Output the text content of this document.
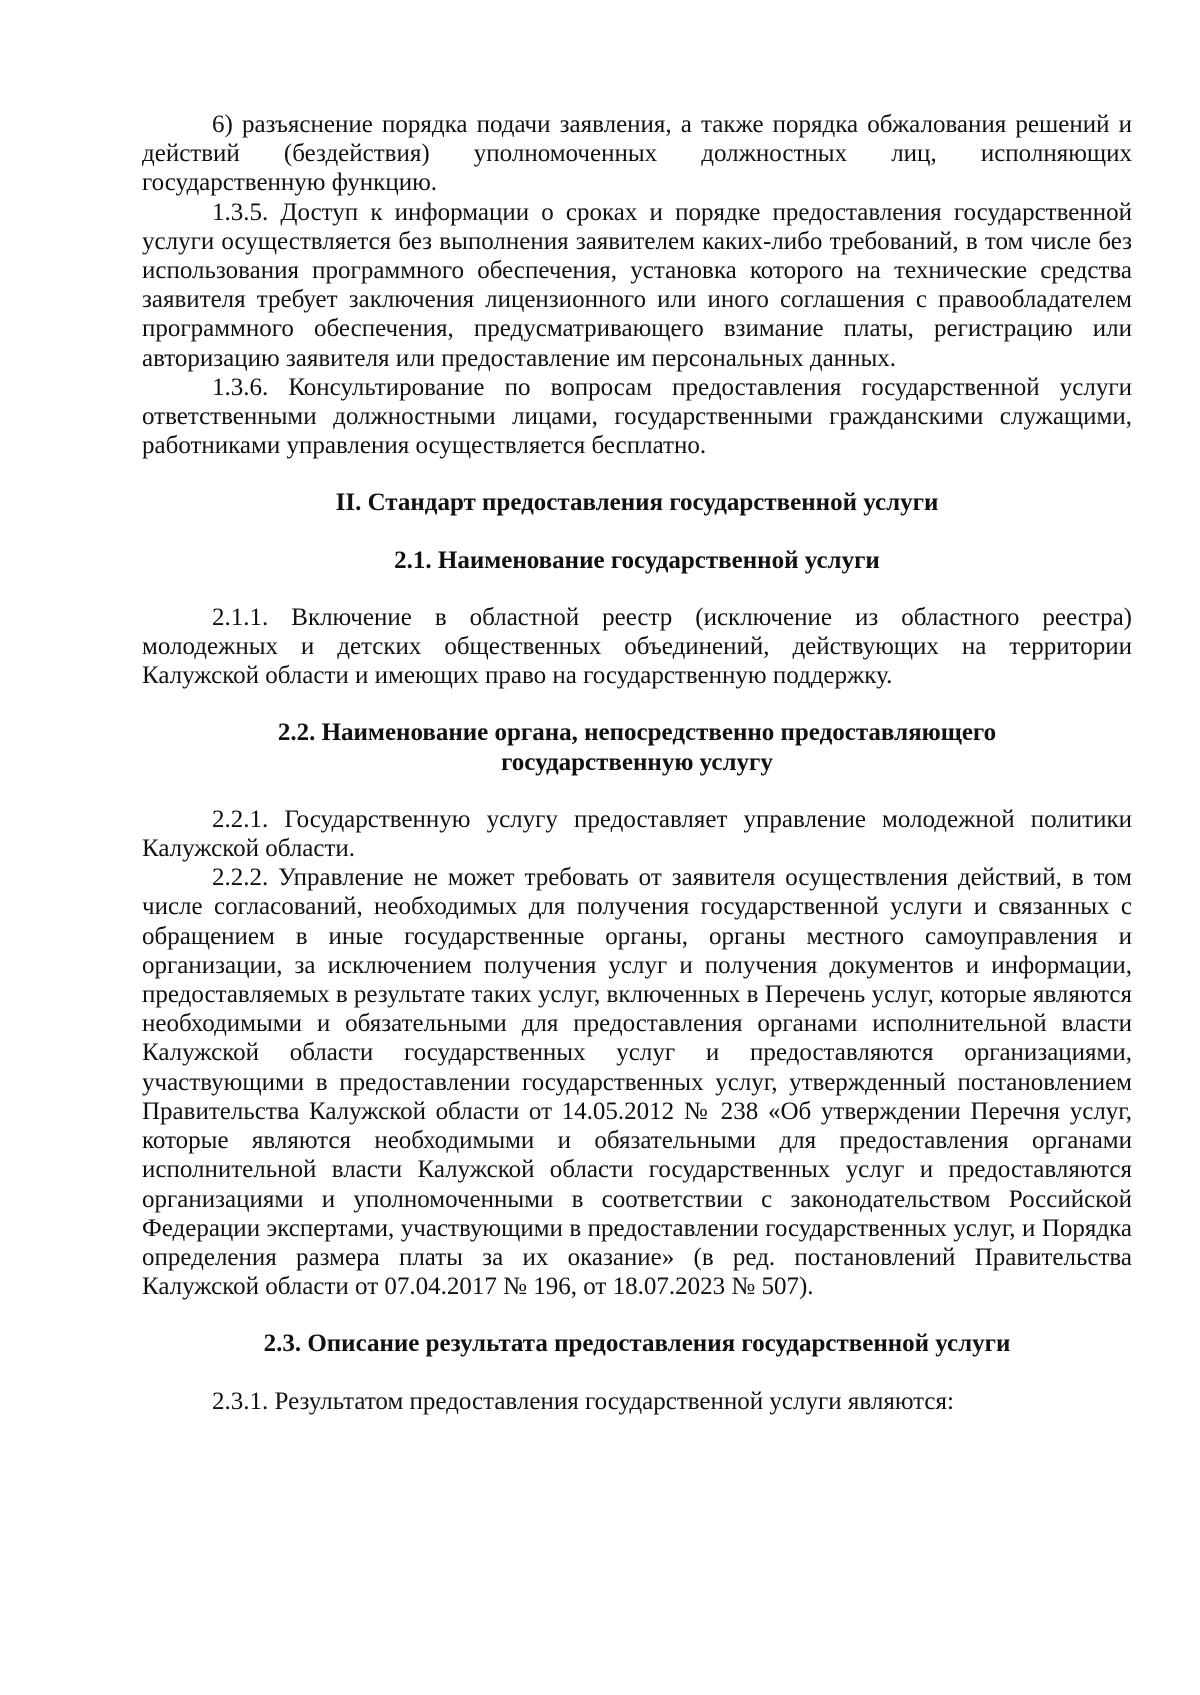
6) разъяснение порядка подачи заявления, а также порядка обжалования решений и действий (бездействия) уполномоченных должностных лиц, исполняющих государственную функцию.

1.3.5. Доступ к информации о сроках и порядке предоставления государственной услуги осуществляется без выполнения заявителем каких-либо требований, в том числе без использования программного обеспечения, установка которого на технические средства заявителя требует заключения лицензионного или иного соглашения с правообладателем программного обеспечения, предусматривающего взимание платы, регистрацию или авторизацию заявителя или предоставление им персональных данных.

1.3.6. Консультирование по вопросам предоставления государственной услуги ответственными должностными лицами, государственными гражданскими служащими, работниками управления осуществляется бесплатно.

II. Стандарт предоставления государственной услуги

2.1. Наименование государственной услуги

2.1.1. Включение в областной реестр (исключение из областного реестра) молодежных и детских общественных объединений, действующих на территории Калужской области и имеющих право на государственную поддержку.

2.2. Наименование органа, непосредственно предоставляющего государственную услугу

2.2.1. Государственную услугу предоставляет управление молодежной политики Калужской области.

2.2.2. Управление не может требовать от заявителя осуществления действий, в том числе согласований, необходимых для получения государственной услуги и связанных с обращением в иные государственные органы, органы местного самоуправления и организации, за исключением получения услуг и получения документов и информации, предоставляемых в результате таких услуг, включенных в Перечень услуг, которые являются необходимыми и обязательными для предоставления органами исполнительной власти Калужской области государственных услуг и предоставляются организациями, участвующими в предоставлении государственных услуг, утвержденный постановлением Правительства Калужской области от 14.05.2012 № 238 «Об утверждении Перечня услуг, которые являются необходимыми и обязательными для предоставления органами исполнительной власти Калужской области государственных услуг и предоставляются организациями и уполномоченными в соответствии с законодательством Российской Федерации экспертами, участвующими в предоставлении государственных услуг, и Порядка определения размера платы за их оказание» (в ред. постановлений Правительства Калужской области от 07.04.2017 № 196, от 18.07.2023 № 507).

2.3. Описание результата предоставления государственной услуги

2.3.1. Результатом предоставления государственной услуги являются:
